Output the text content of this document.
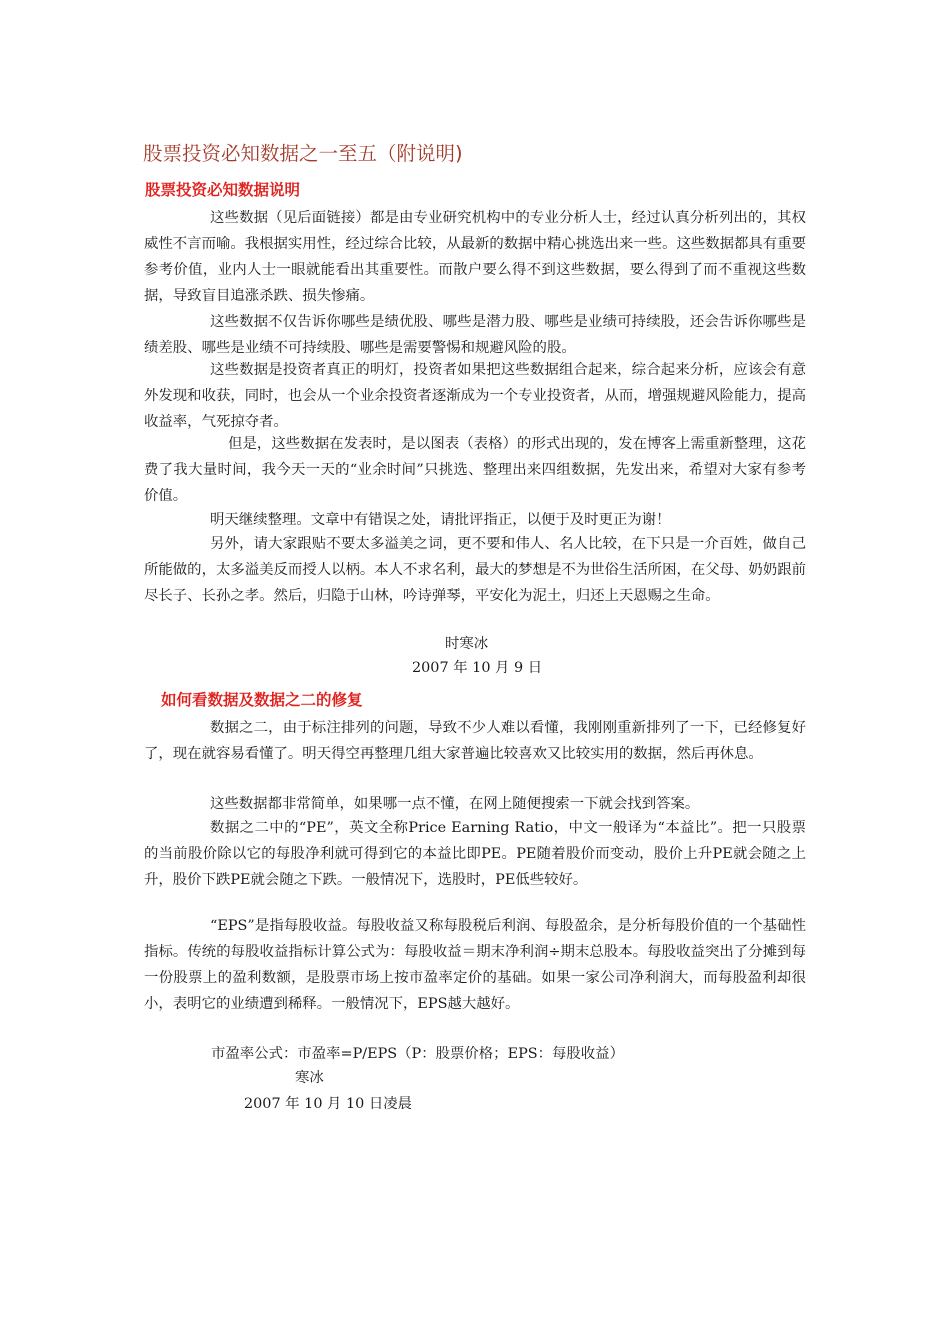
股票投资必知数据之一至五（附说明)
股票投资必知数据说明
这些数据（见后面链接）都是由专业研究机构中的专业分析人士，经过认真分析列出的，其权威性不言而喻。我根据实用性，经过综合比较，从最新的数据中精心挑选出来一些。这些数据都具有重要参考价值，业内人士一眼就能看出其重要性。而散户要么得不到这些数据，要么得到了而不重视这些数据，导致盲目追涨杀跌、损失惨痛。
这些数据不仅告诉你哪些是绩优股、哪些是潜力股、哪些是业绩可持续股，还会告诉你哪些是绩差股、哪些是业绩不可持续股、哪些是需要警惕和规避风险的股。
这些数据是投资者真正的明灯，投资者如果把这些数据组合起来，综合起来分析，应该会有意外发现和收获，同时，也会从一个业余投资者逐渐成为一个专业投资者，从而，增强规避风险能力，提高收益率，气死掠夺者。
但是，这些数据在发表时，是以图表（表格）的形式出现的，发在博客上需重新整理，这花费了我大量时间，我今天一天的“业余时间”只挑选、整理出来四组数据，先发出来，希望对大家有参考价值。
明天继续整理。文章中有错误之处，请批评指正，以便于及时更正为谢！
另外，请大家跟贴不要太多溢美之词，更不要和伟人、名人比较，在下只是一介百姓，做自己所能做的，太多溢美反而授人以柄。本人不求名利，最大的梦想是不为世俗生活所困，在父母、奶奶跟前尽长子、长孙之孝。然后，归隐于山林，吟诗弹琴，平安化为泥土，归还上天恩赐之生命。
时寒冰
2007 年 10 月 9 日
如何看数据及数据之二的修复
数据之二，由于标注排列的问题，导致不少人难以看懂，我刚刚重新排列了一下，已经修复好了，现在就容易看懂了。明天得空再整理几组大家普遍比较喜欢又比较实用的数据，然后再休息。
这些数据都非常简单，如果哪一点不懂，在网上随便搜索一下就会找到答案。
数据之二中的“PE”，英文全称Price Earning Ratio，中文一般译为“本益比”。把一只股票的当前股价除以它的每股净利就可得到它的本益比即PE。PE随着股价而变动，股价上升PE就会随之上升，股价下跌PE就会随之下跌。一般情况下，选股时，PE低些较好。
“EPS”是指每股收益。每股收益又称每股税后利润、每股盈余，是分析每股价值的一个基础性指标。传统的每股收益指标计算公式为：每股收益＝期末净利润÷期末总股本。每股收益突出了分摊到每一份股票上的盈利数额，是股票市场上按市盈率定价的基础。如果一家公司净利润大，而每股盈利却很小，表明它的业绩遭到稀释。一般情况下，EPS越大越好。
市盈率公式：市盈率=P/EPS（P：股票价格；EPS：每股收益）
寒冰
2007 年 10 月 10 日凌晨
